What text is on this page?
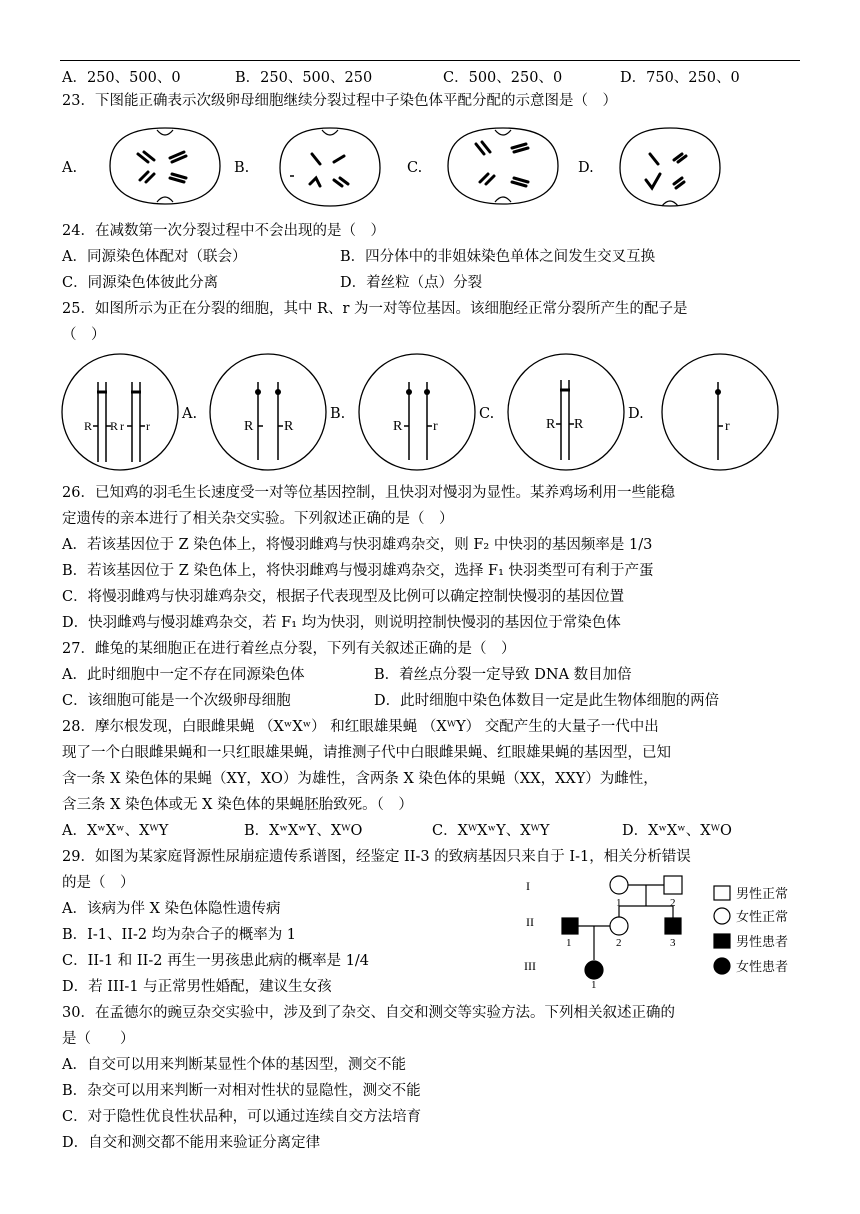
A．250、500、0	B．250、500、250	C．500、250、0	D．750、250、0
23．下图能正确表示次级卵母细胞继续分裂过程中子染色体平配分配的示意图是（　）
A.	B.	C.	D.
24．在减数第一次分裂过程中不会出现的是（　）
A．同源染色体配对（联会）	B．四分体中的非姐妹染色单体之间发生交叉互换
C．同源染色体彼此分离	D．着丝粒（点）分裂
25．如图所示为正在分裂的细胞，其中 R、r 为一对等位基因。该细胞经正常分裂所产生的配子是
（　）
R R r r
A.
R R
B.
R r
C.
R R
D.
r
26．已知鸡的羽毛生长速度受一对等位基因控制，且快羽对慢羽为显性。某养鸡场利用一些能稳
定遗传的亲本进行了相关杂交实验。下列叙述正确的是（　）
A．若该基因位于 Z 染色体上，将慢羽雌鸡与快羽雄鸡杂交，则 F₂ 中快羽的基因频率是 1/3
B．若该基因位于 Z 染色体上，将快羽雌鸡与慢羽雄鸡杂交，选择 F₁ 快羽类型可有利于产蛋
C．将慢羽雌鸡与快羽雄鸡杂交，根据子代表现型及比例可以确定控制快慢羽的基因位置
D．快羽雌鸡与慢羽雄鸡杂交，若 F₁ 均为快羽，则说明控制快慢羽的基因位于常染色体
27．雌兔的某细胞正在进行着丝点分裂，下列有关叙述正确的是（　）
A．此时细胞中一定不存在同源染色体	B．着丝点分裂一定导致 DNA 数目加倍
C．该细胞可能是一个次级卵母细胞	D．此时细胞中染色体数目一定是此生物体细胞的两倍
28．摩尔根发现，白眼雌果蝇 （XʷXʷ） 和红眼雄果蝇 （XᵂY） 交配产生的大量子一代中出
现了一个白眼雌果蝇和一只红眼雄果蝇，请推测子代中白眼雌果蝇、红眼雄果蝇的基因型，已知
含一条 X 染色体的果蝇（XY，XO）为雄性，含两条 X 染色体的果蝇（XX，XXY）为雌性，
含三条 X 染色体或无 X 染色体的果蝇胚胎致死。（　）
A．XʷXʷ、XᵂY	B．XʷXʷY、XᵂO	C．XᵂXʷY、XᵂY	D．XʷXʷ、XᵂO
29．如图为某家庭肾源性尿崩症遗传系谱图，经鉴定 II-3 的致病基因只来自于 I-1，相关分析错误
的是（　）
A．该病为伴 X 染色体隐性遗传病
B．I-1、II-2 均为杂合子的概率为 1
C．II-1 和 II-2 再生一男孩患此病的概率是 1/4
D．若 III-1 与正常男性婚配，建议生女孩
I
II
III
1	2
1	2	3
1
男性正常
女性正常
男性患者
女性患者
30．在孟德尔的豌豆杂交实验中，涉及到了杂交、自交和测交等实验方法。下列相关叙述正确的
是（　　）
A．自交可以用来判断某显性个体的基因型，测交不能
B．杂交可以用来判断一对相对性状的显隐性，测交不能
C．对于隐性优良性状品种，可以通过连续自交方法培育
D．自交和测交都不能用来验证分离定律
